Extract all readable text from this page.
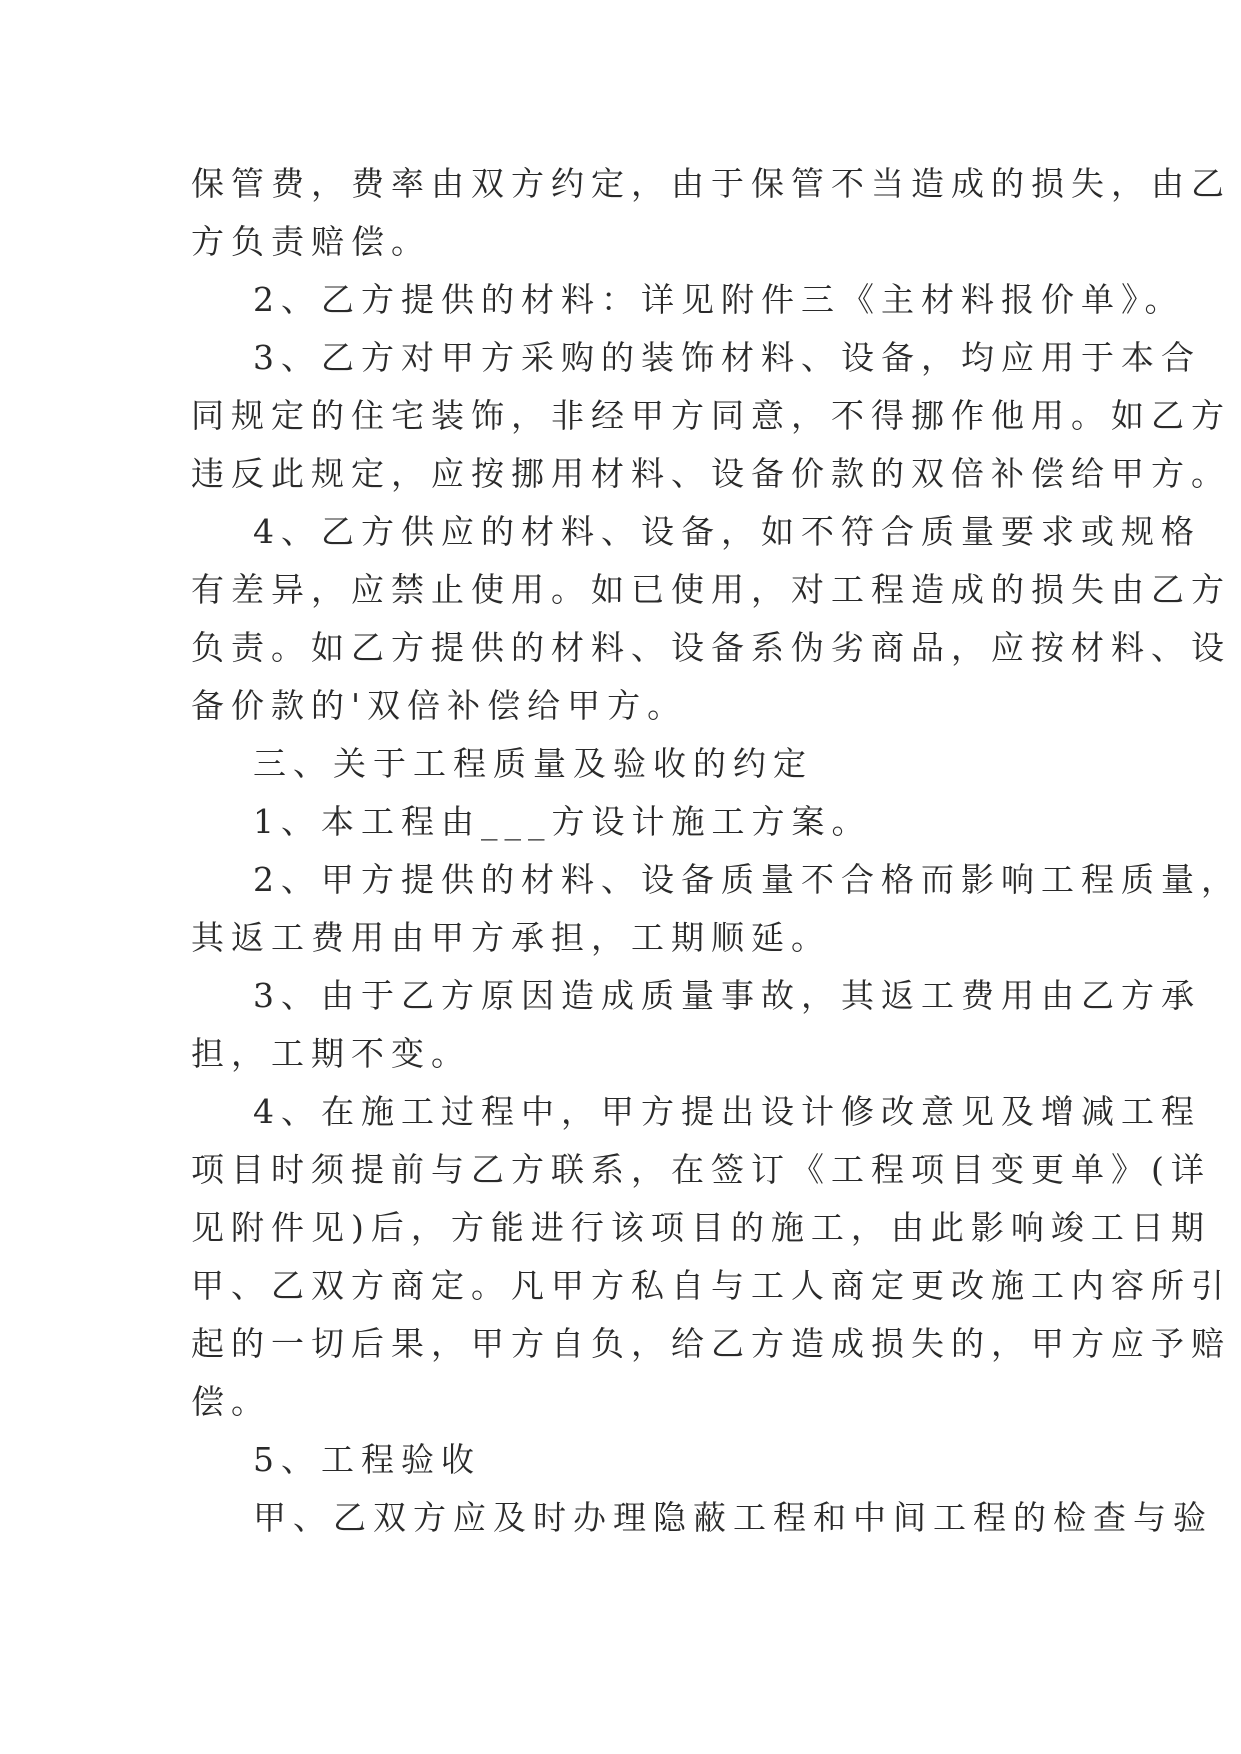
保管费，费率由双方约定，由于保管不当造成的损失，由乙
方负责赔偿。

2、乙方提供的材料：详见附件三《主材料报价单》。

3、乙方对甲方采购的装饰材料、设备，均应用于本合
同规定的住宅装饰，非经甲方同意，不得挪作他用。如乙方
违反此规定，应按挪用材料、设备价款的双倍补偿给甲方。

4、乙方供应的材料、设备，如不符合质量要求或规格
有差异，应禁止使用。如已使用，对工程造成的损失由乙方
负责。如乙方提供的材料、设备系伪劣商品，应按材料、设
备价款的'双倍补偿给甲方。

三、关于工程质量及验收的约定

1、本工程由___方设计施工方案。

2、甲方提供的材料、设备质量不合格而影响工程质量，
其返工费用由甲方承担，工期顺延。

3、由于乙方原因造成质量事故，其返工费用由乙方承
担，工期不变。

4、在施工过程中，甲方提出设计修改意见及增减工程
项目时须提前与乙方联系，在签订《工程项目变更单》(详
见附件见)后，方能进行该项目的施工，由此影响竣工日期
甲、乙双方商定。凡甲方私自与工人商定更改施工内容所引
起的一切后果，甲方自负，给乙方造成损失的，甲方应予赔
偿。

5、工程验收

甲、乙双方应及时办理隐蔽工程和中间工程的检查与验
